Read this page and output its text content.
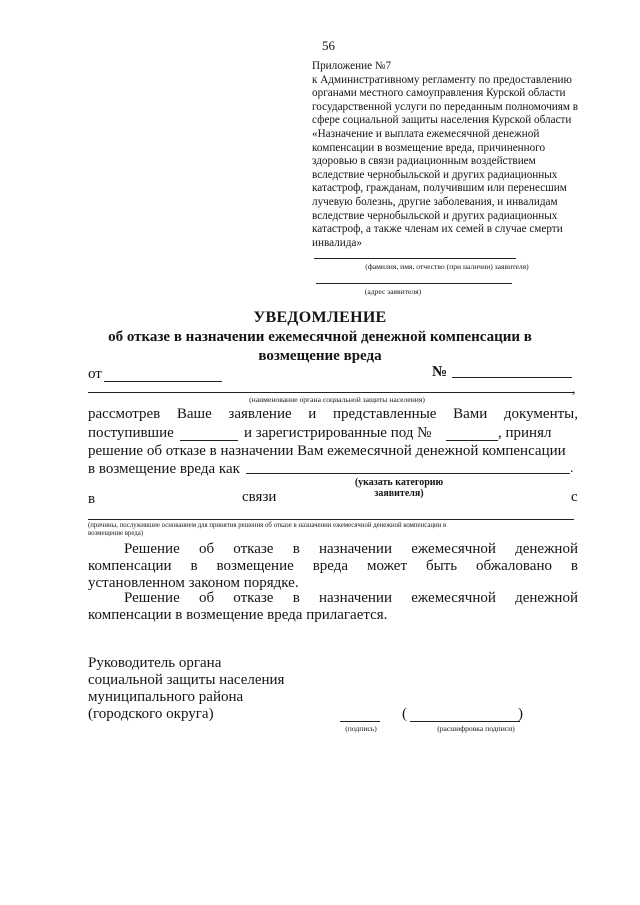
56
Приложение №7
к Административному регламенту по предоставлению
органами местного самоуправления Курской области
государственной услуги по переданным полномочиям в
сфере социальной защиты населения Курской области
«Назначение и выплата ежемесячной денежной
компенсации в возмещение вреда, причиненного
здоровью в связи радиационным воздействием
вследствие чернобыльской и других радиационных
катастроф, гражданам, получившим или перенесшим
лучевую болезнь, другие заболевания, и инвалидам
вследствие чернобыльской и других радиационных
катастроф, а также членам их семей в случае смерти
инвалида»
(фамилия, имя, отчество (при наличии) заявителя)
(адрес заявителя)
УВЕДОМЛЕНИЕ
об отказе в назначении ежемесячной денежной компенсации в
возмещение вреда
от	№
,
(наименование органа социальной защиты населения)
рассмотрев Ваше заявление и представленные Вами документы,
поступившие	и зарегистрированные под №	, принял
решение об отказе в назначении Вам ежемесячной денежной компенсации
в возмещение вреда как	.
(указать категорию заявителя)
в	связи	с
(причины, послужившие основанием для принятия решения об отказе в назначении ежемесячной денежной компенсации в
возмещение вреда)
Решение об отказе в назначении ежемесячной денежной
компенсации в возмещение вреда может быть обжаловано в
установленном законом порядке.
Решение об отказе в назначении ежемесячной денежной
компенсации в возмещение вреда прилагается.
Руководитель органа
социальной защиты населения
муниципального района
(городского округа)
(подпись)
(	)
(расшифровка подписи)
